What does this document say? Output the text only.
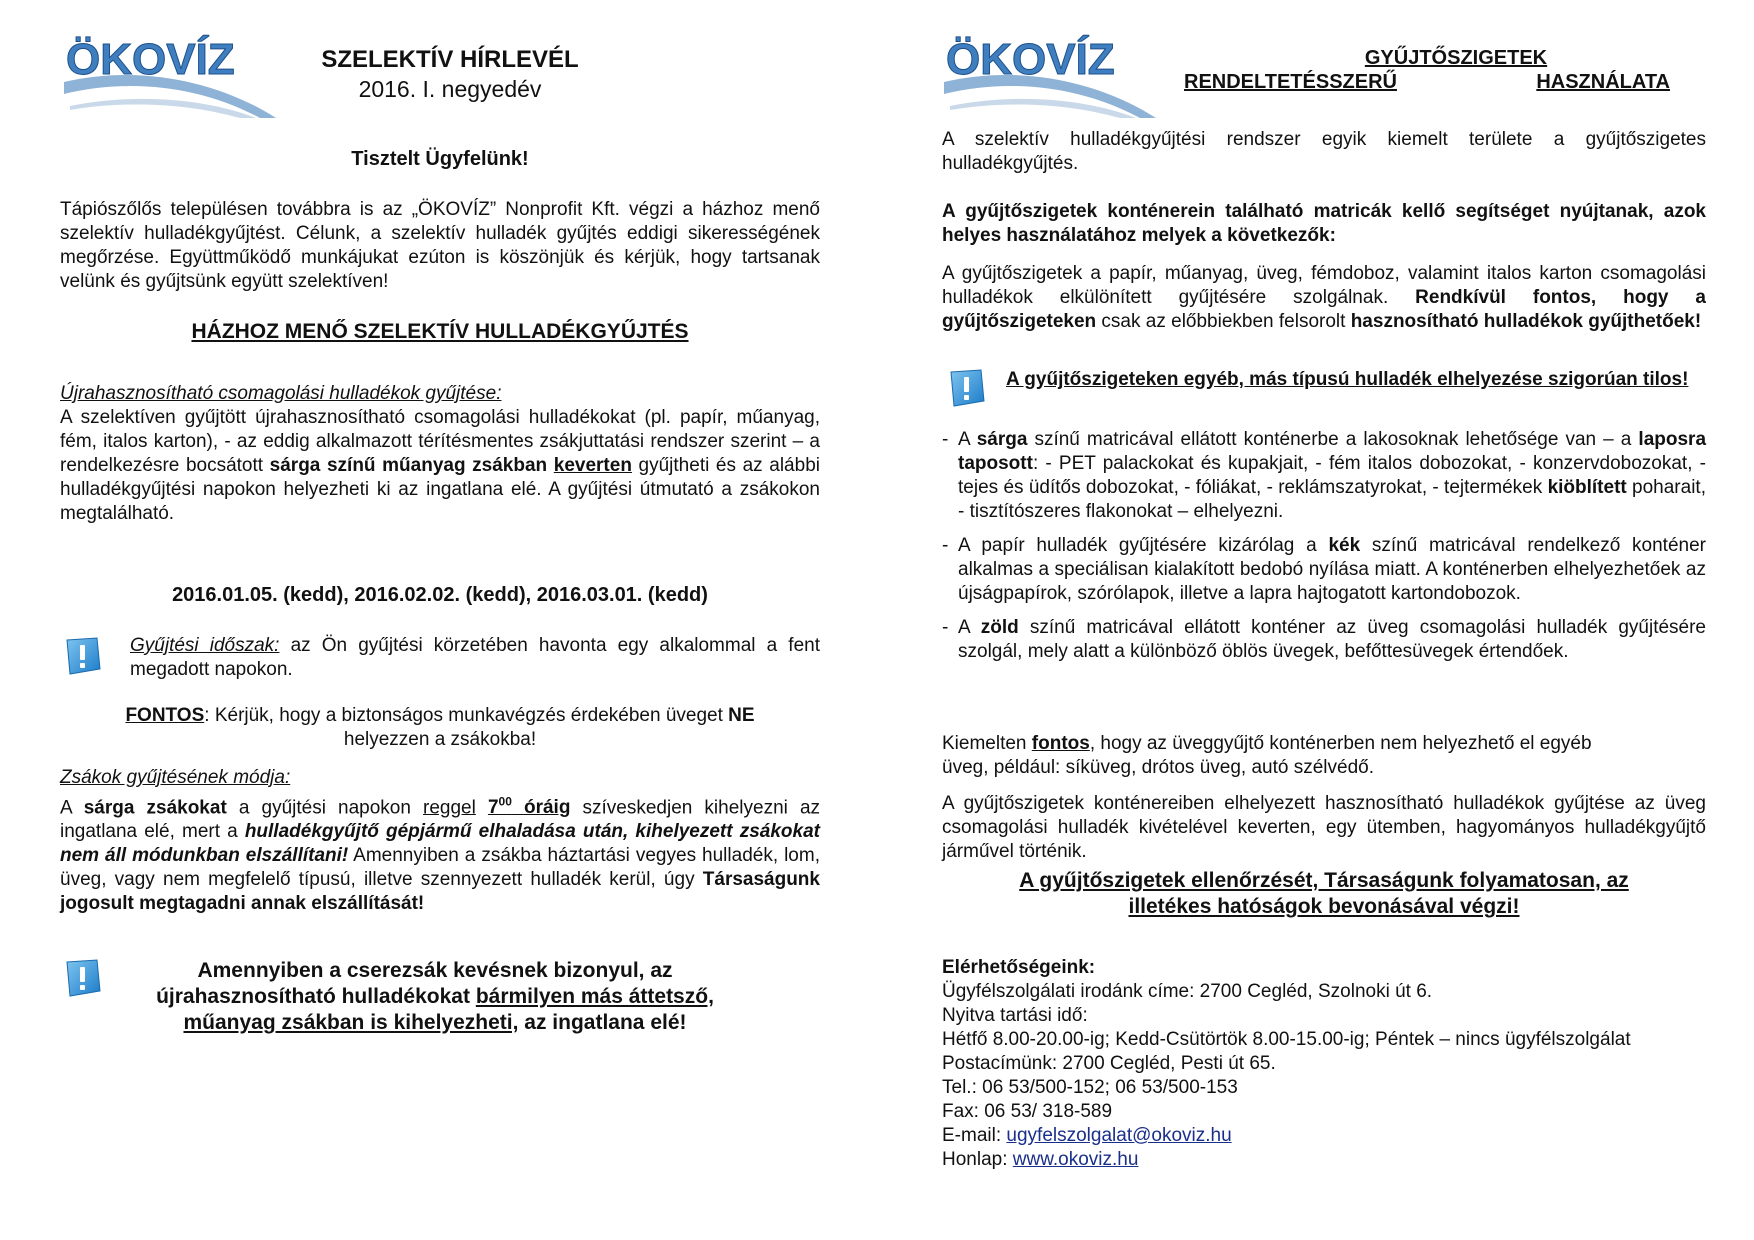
ÖKOVÍZ	SZELEKTÍV HÍRLEVÉL
2016. I. negyedév
Tisztelt Ügyfelünk!

Tápiószőlős településen továbbra is az „ÖKOVÍZ” Nonprofit Kft. végzi a házhoz menő szelektív hulladékgyűjtést. Célunk, a szelektív hulladék gyűjtés eddigi sikerességének megőrzése. Együttműködő munkájukat ezúton is köszönjük és kérjük, hogy tartsanak velünk és gyűjtsünk együtt szelektíven!

HÁZHOZ MENŐ SZELEKTÍV HULLADÉKGYŰJTÉS
Újrahasznosítható csomagolási hulladékok gyűjtése:

A szelektíven gyűjtött újrahasznosítható csomagolási hulladékokat (pl. papír, műanyag, fém, italos karton), - az eddig alkalmazott térítésmentes zsákjuttatási rendszer szerint – a rendelkezésre bocsátott sárga színű műanyag zsákban keverten gyűjtheti és az alábbi hulladékgyűjtési napokon helyezheti ki az ingatlana elé. A gyűjtési útmutató a zsákokon megtalálható.

2016.01.05. (kedd), 2016.02.02. (kedd), 2016.03.01. (kedd)

Gyűjtési időszak: az Ön gyűjtési körzetében havonta egy alkalommal a fent megadott napokon.

FONTOS: Kérjük, hogy a biztonságos munkavégzés érdekében üveget NE
helyezzen a zsákokba!

Zsákok gyűjtésének módja:

A sárga zsákokat a gyűjtési napokon reggel $7^{00}$ óráig szíveskedjen kihelyezni az ingatlana elé, mert a hulladékgyűjtő gépjármű elhaladása után, kihelyezett zsákokat nem áll módunkban elszállítani! Amennyiben a zsákba háztartási vegyes hulladék, lom, üveg, vagy nem megfelelő típusú, illetve szennyezett hulladék kerül, úgy Társaságunk jogosult megtagadni annak elszállítását!

Amennyiben a cserezsák kevésnek bizonyul, az
újrahasznosítható hulladékokat bármilyen más áttetsző,
műanyag zsákban is kihelyezheti, az ingatlana elé!
ÖKOVÍZ	GYŰJTŐSZIGETEK
RENDELTETÉSSZERŰ	HASZNÁLATA

A szelektív hulladékgyűjtési rendszer egyik kiemelt területe a gyűjtőszigetes hulladékgyűjtés.

A gyűjtőszigetek konténerein található matricák kellő segítséget nyújtanak, azok helyes használatához melyek a következők:

A gyűjtőszigetek a papír, műanyag, üveg, fémdoboz, valamint italos karton csomagolási hulladékok elkülönített gyűjtésére szolgálnak. Rendkívül fontos, hogy a gyűjtőszigeteken csak az előbbiekben felsorolt hasznosítható hulladékok gyűjthetőek!

A gyűjtőszigeteken egyéb, más típusú hulladék elhelyezése szigorúan tilos!

- A sárga színű matricával ellátott konténerbe a lakosoknak lehetősége van – a laposra taposott: - PET palackokat és kupakjait, - fém italos dobozokat, - konzervdobozokat, - tejes és üdítős dobozokat, - fóliákat, - reklámszatyrokat, - tejtermékek kiöblített poharait, - tisztítószeres flakonokat – elhelyezni.
- A papír hulladék gyűjtésére kizárólag a kék színű matricával rendelkező konténer alkalmas a speciálisan kialakított bedobó nyílása miatt. A konténerben elhelyezhetőek az újságpapírok, szórólapok, illetve a lapra hajtogatott kartondobozok.
- A zöld színű matricával ellátott konténer az üveg csomagolási hulladék gyűjtésére szolgál, mely alatt a különböző öblös üvegek, befőttesüvegek értendőek.

Kiemelten fontos, hogy az üveggyűjtő konténerben nem helyezhető el egyéb
üveg, például: síküveg, drótos üveg, autó szélvédő.

A gyűjtőszigetek konténereiben elhelyezett hasznosítható hulladékok gyűjtése az üveg csomagolási hulladék kivételével keverten, egy ütemben, hagyományos hulladékgyűjtő járművel történik.

A gyűjtőszigetek ellenőrzését, Társaságunk folyamatosan, az
illetékes hatóságok bevonásával végzi!
Elérhetőségeink:
Ügyfélszolgálati irodánk címe: 2700 Cegléd, Szolnoki út 6.
Nyitva tartási idő:
Hétfő 8.00-20.00-ig; Kedd-Csütörtök 8.00-15.00-ig; Péntek – nincs ügyfélszolgálat
Postacímünk: 2700 Cegléd, Pesti út 65.
Tel.: 06 53/500-152; 06 53/500-153
Fax: 06 53/ 318-589
E-mail: ugyfelszolgalat@okoviz.hu
Honlap: www.okoviz.hu
